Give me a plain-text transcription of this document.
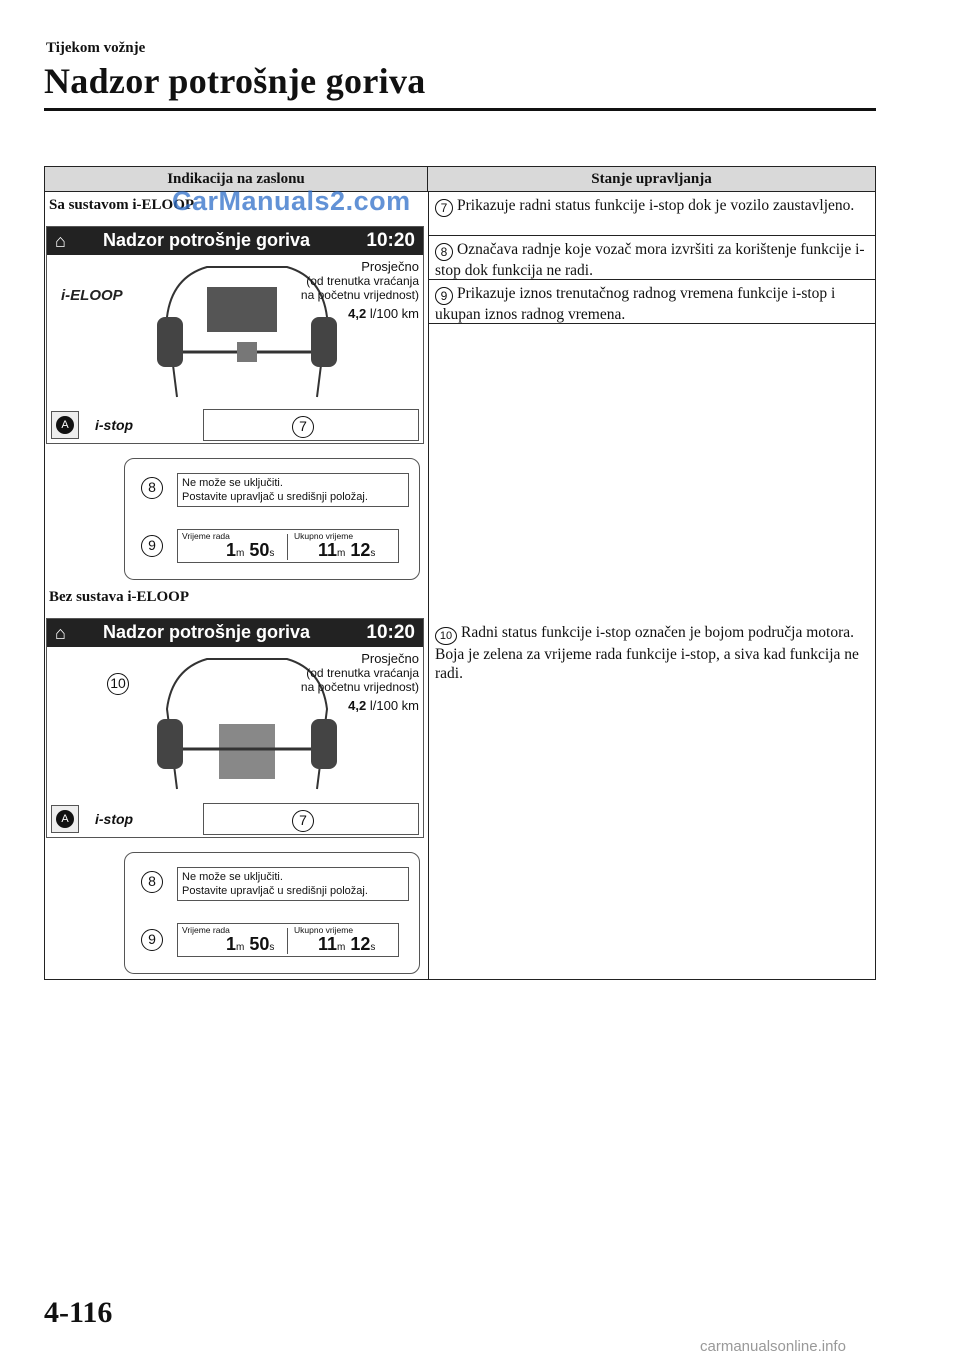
Tijekom vožnje
Nadzor potrošnje goriva
Indikacija na zaslonu	Stanje upravljanja
Sa sustavom i-ELOOP
Bez sustava i-ELOOP
7 Prikazuje radni status funkcije i-stop dok je vozilo zaustavljeno.
8 Označava radnje koje vozač mora izvršiti za korištenje funkcije i-stop dok funkcija ne radi.
9 Prikazuje iznos trenutačnog radnog vremena funkcije i-stop i ukupan iznos radnog vremena.
10 Radni status funkcije i-stop označen je bojom područja motora. Boja je zelena za vrijeme rada funkcije i-stop, a siva kad funkcija ne radi.
CarManuals2.com
⌂ Nadzor potrošnje goriva	10:20
i-ELOOP
Prosječno
(od trenutka vraćanja
na početnu vrijednost)
4,2 l/100 km
A	i-stop	7
8	Ne može se uključiti.
Postavite upravljač u središnji položaj.
9
Vrijeme rada
1m 50s
Ukupno vrijeme
11m 12s
⌂ Nadzor potrošnje goriva	10:20
10
Prosječno
(od trenutka vraćanja
na početnu vrijednost)
4,2 l/100 km
A	i-stop	7
8	Ne može se uključiti.
Postavite upravljač u središnji položaj.
9
Vrijeme rada
1m 50s
Ukupno vrijeme
11m 12s
4-116
carmanualsonline.info
